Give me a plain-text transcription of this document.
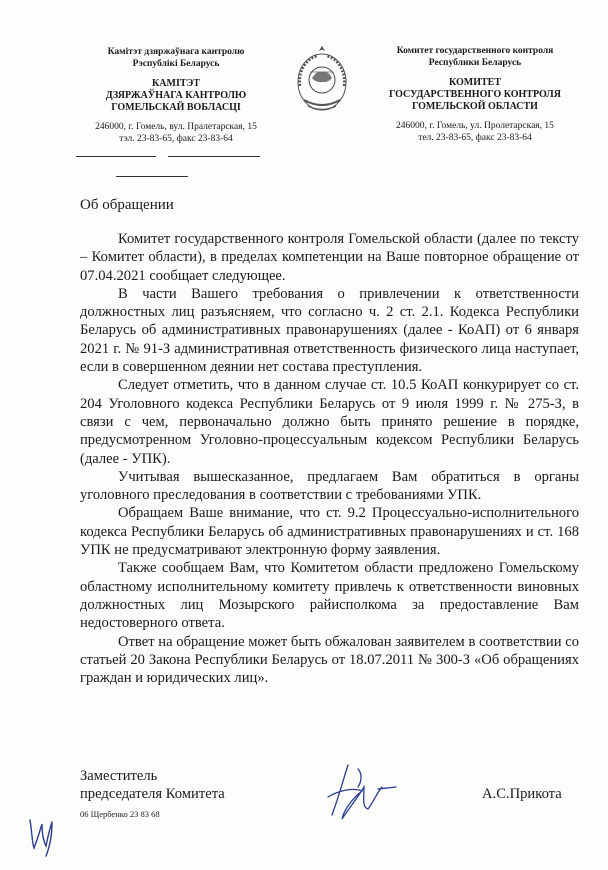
Камітэт дзяржаўнага кантролю
Рэспублікі Беларусь
КАМІТЭТ
ДЗЯРЖАЎНАГА КАНТРОЛЮ
ГОМЕЛЬСКАЙ ВОБЛАСЦІ
246000, г. Гомель, вул. Пралетарская, 15
тэл. 23-83-65, факс 23-83-64
Комитет государственного контроля
Республики Беларусь
КОМИТЕТ
ГОСУДАРСТВЕННОГО КОНТРОЛЯ
ГОМЕЛЬСКОЙ ОБЛАСТИ
246000, г. Гомель, ул. Пролетарская, 15
тел. 23-83-65, факс 23-83-64
Об обращении

Комитет государственного контроля Гомельской области (далее по тексту – Комитет области), в пределах компетенции на Ваше повторное обращение от 07.04.2021 сообщает следующее.

В части Вашего требования о привлечении к ответственности должностных лиц разъясняем, что согласно ч. 2 ст. 2.1. Кодекса Республики Беларусь об административных правонарушениях (далее - КоАП) от 6 января 2021 г. № 91-З административная ответственность физического лица наступает, если в совершенном деянии нет состава преступления.

Следует отметить, что в данном случае ст. 10.5 КоАП конкурирует со ст. 204 Уголовного кодекса Республики Беларусь от 9 июля 1999 г. № 275-З, в связи с чем, первоначально должно быть принято решение в порядке, предусмотренном Уголовно-процессуальным кодексом Республики Беларусь (далее - УПК).

Учитывая вышесказанное, предлагаем Вам обратиться в органы уголовного преследования в соответствии с требованиями УПК.

Обращаем Ваше внимание, что ст. 9.2 Процессуально-исполнительного кодекса Республики Беларусь об административных правонарушениях и ст. 168 УПК не предусматривают электронную форму заявления.

Также сообщаем Вам, что Комитетом области предложено Гомельскому областному исполнительному комитету привлечь к ответственности виновных должностных лиц Мозырского райисполкома за предоставление Вам недостоверного ответа.

Ответ на обращение может быть обжалован заявителем в соответствии со статьей 20 Закона Республики Беларусь от 18.07.2011 № 300-З «Об обращениях граждан и юридических лиц».

Заместитель
председателя Комитета	А.С.Прикота
06 Щербенко 23 83 68
